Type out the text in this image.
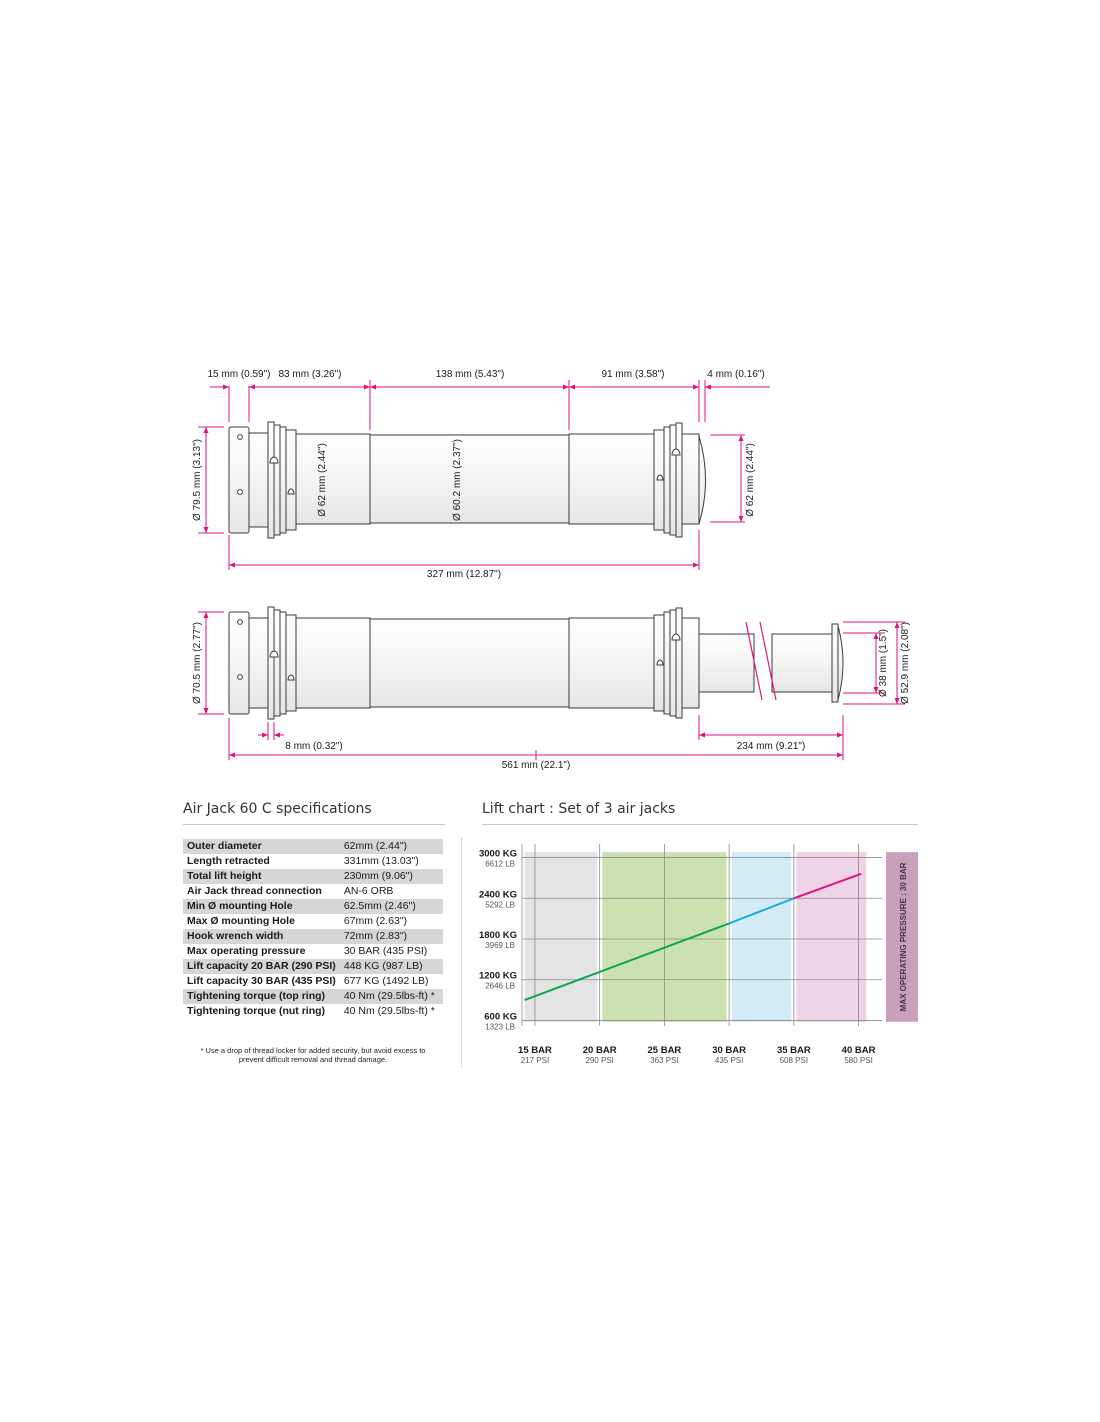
15 mm (0.59") 83 mm (3.26")	138 mm (5.43")	91 mm (3.58")	4 mm (0.16")
Ø 79.5 mm (3.13")	Ø 62 mm (2.44")	Ø 60.2 mm (2.37")	Ø 62 mm (2.44")
327 mm (12.87")
Ø 70.5 mm (2.77")	Ø 38 mm (1.5") Ø 52.9 mm (2.08")
8 mm (0.32")	234 mm (9.21")
561 mm (22.1")
Air Jack 60 C specifications
Outer diameter	62mm (2.44")
Length retracted	331mm (13.03")
Total lift height	230mm (9.06")
Air Jack thread connection	AN-6 ORB
Min Ø mounting Hole	62.5mm (2.46")
Max Ø mounting Hole	67mm (2.63")
Hook wrench width	72mm (2.83")
Max operating pressure	30 BAR (435 PSI)
Lift capacity 20 BAR (290 PSI)	448 KG (987 LB)
Lift capacity 30 BAR (435 PSI)	677 KG (1492 LB)
Tightening torque (top ring)	40 Nm (29.5lbs-ft) *
Tightening torque (nut ring)	40 Nm (29.5lbs-ft) *
* Use a drop of thread locker for added security, but avoid excess to
prevent difficult removal and thread damage.
Lift chart : Set of 3 air jacks
MAX OPERATING PRESSURE : 30 BAR
3000 KG
6612 LB
2400 KG
5292 LB
1800 KG
3969 LB
1200 KG
2646 LB
600 KG
1323 LB
15 BAR
217 PSI
20 BAR
290 PSI
25 BAR
363 PSI
30 BAR
435 PSI
35 BAR
508 PSI
40 BAR
580 PSI
